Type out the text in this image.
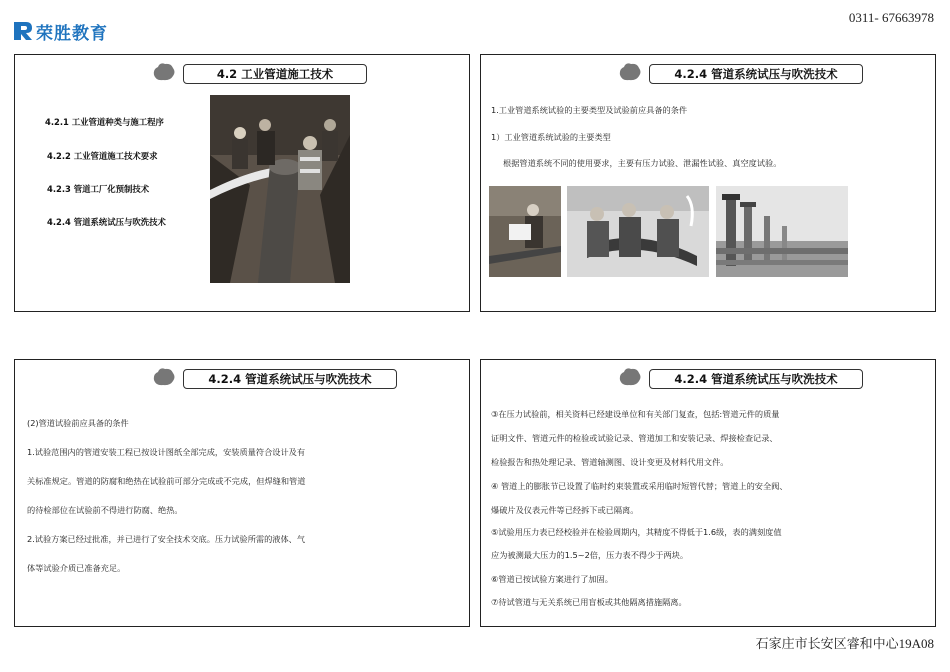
荣胜教育
0311- 67663978
4.2 工业管道施工技术
4.2.1 工业管道种类与施工程序
4.2.2 工业管道施工技术要求
4.2.3 管道工厂化预制技术
4.2.4 管道系统试压与吹洗技术
4.2.4 管道系统试压与吹洗技术
1.工业管道系统试验的主要类型及试验前应具备的条件
1）工业管道系统试验的主要类型
根据管道系统不同的使用要求，主要有压力试验、泄漏性试验、真空度试验。
4.2.4 管道系统试压与吹洗技术
(2)管道试验前应具备的条件
1.试验范围内的管道安装工程已按设计图纸全部完成，安装质量符合设计及有
关标准规定。管道的防腐和绝热在试验前可部分完成或不完成，但焊缝和管道
的待检部位在试验前不得进行防腐、绝热。
2.试验方案已经过批准，并已进行了安全技术交底。压力试验所需的液体、气
体等试验介质已准备充足。
4.2.4 管道系统试压与吹洗技术
③在压力试验前，相关资料已经建设单位和有关部门复查，包括:管道元件的质量
证明文件、管道元件的检验或试验记录、管道加工和安装记录、焊接检查记录、
检验报告和热处理记录、管道轴测图、设计变更及材料代用文件。
④ 管道上的膨胀节已设置了临时约束装置或采用临时短管代替；管道上的安全阀、
爆破片及仪表元件等已经拆下或已隔离。
⑤试验用压力表已经校验并在检验周期内，其精度不得低于1.6级，表的满刻度值
应为被测最大压力的1.5~2倍，压力表不得少于两块。
⑥管道已按试验方案进行了加固。
⑦待试管道与无关系统已用盲板或其他隔离措施隔离。
石家庄市长安区睿和中心19A08
